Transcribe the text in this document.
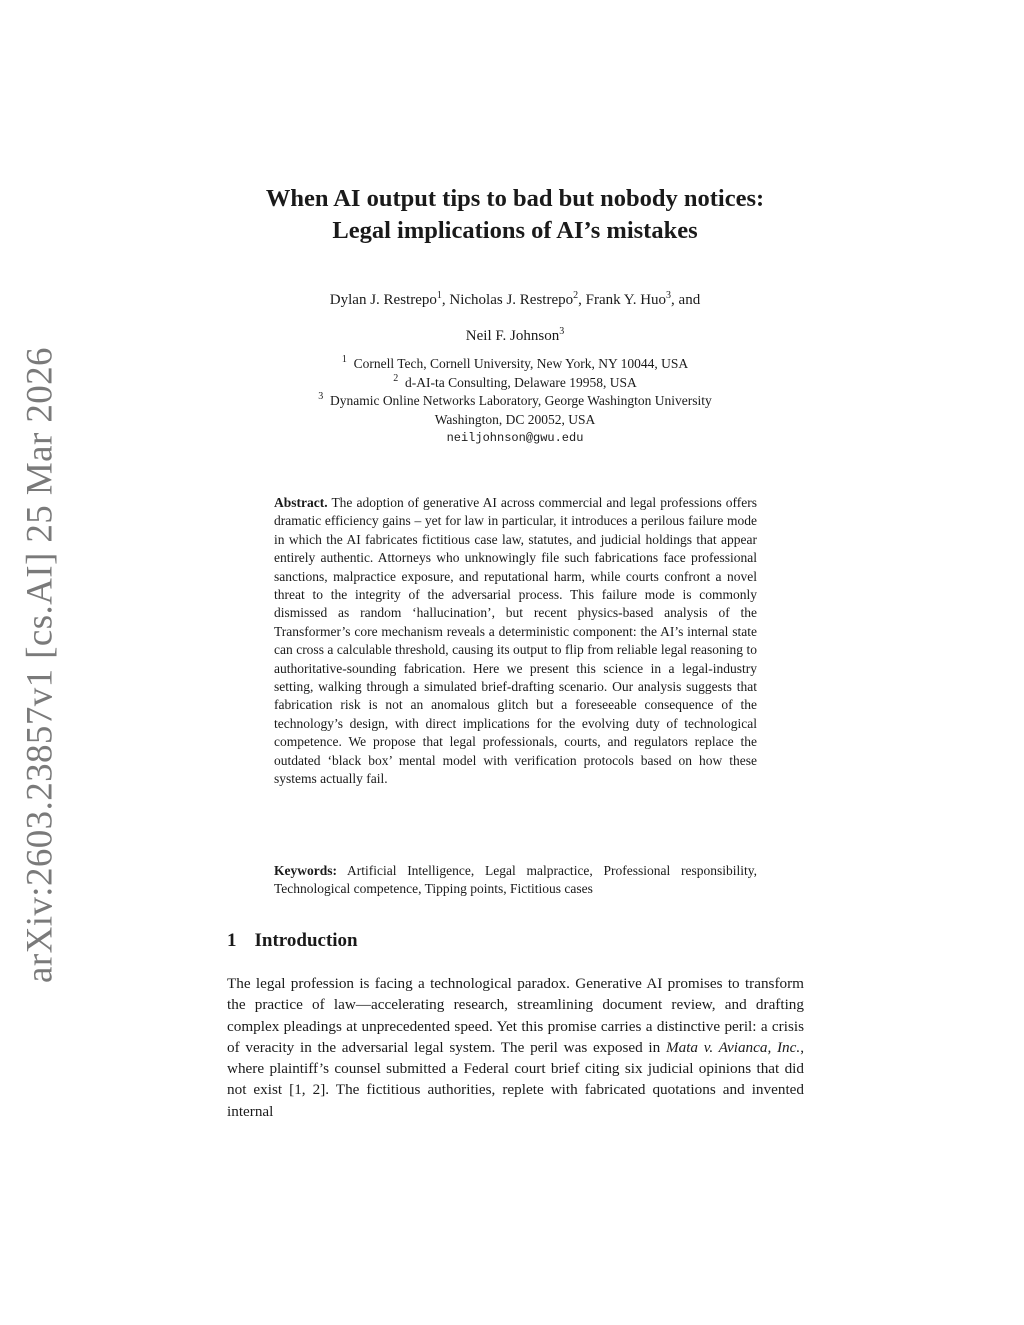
arXiv:2603.23857v1 [cs.AI] 25 Mar 2026
When AI output tips to bad but nobody notices:
Legal implications of AI’s mistakes
Dylan J. Restrepo$^1$, Nicholas J. Restrepo$^2$, Frank Y. Huo$^3$, and
Neil F. Johnson$^3$
$^1$ Cornell Tech, Cornell University, New York, NY 10044, USA
$^2$ d-AI-ta Consulting, Delaware 19958, USA
$^3$ Dynamic Online Networks Laboratory, George Washington University
Washington, DC 20052, USA
neiljohnson@gwu.edu

Abstract. The adoption of generative AI across commercial and legal professions offers dramatic efficiency gains – yet for law in particular, it introduces a perilous failure mode in which the AI fabricates fictitious case law, statutes, and judicial holdings that appear entirely authentic. Attorneys who unknowingly file such fabrications face professional sanctions, malpractice exposure, and reputational harm, while courts confront a novel threat to the integrity of the adversarial process. This failure mode is commonly dismissed as random ‘hallucination’, but recent physics-based analysis of the Transformer’s core mechanism reveals a deterministic component: the AI’s internal state can cross a calculable threshold, causing its output to flip from reliable legal reasoning to authoritative-sounding fabrication. Here we present this science in a legal-industry setting, walking through a simulated brief-drafting scenario. Our analysis suggests that fabrication risk is not an anomalous glitch but a foreseeable consequence of the technology’s design, with direct implications for the evolving duty of technological competence. We propose that legal professionals, courts, and regulators replace the outdated ‘black box’ mental model with verification protocols based on how these systems actually fail.

Keywords: Artificial Intelligence, Legal malpractice, Professional responsibility, Technological competence, Tipping points, Fictitious cases

1 Introduction

The legal profession is facing a technological paradox. Generative AI promises to transform the practice of law—accelerating research, streamlining document review, and drafting complex pleadings at unprecedented speed. Yet this promise carries a distinctive peril: a crisis of veracity in the adversarial legal system. The peril was exposed in Mata v. Avianca, Inc., where plaintiff’s counsel submitted a Federal court brief citing six judicial opinions that did not exist [1, 2]. The fictitious authorities, replete with fabricated quotations and invented internal
